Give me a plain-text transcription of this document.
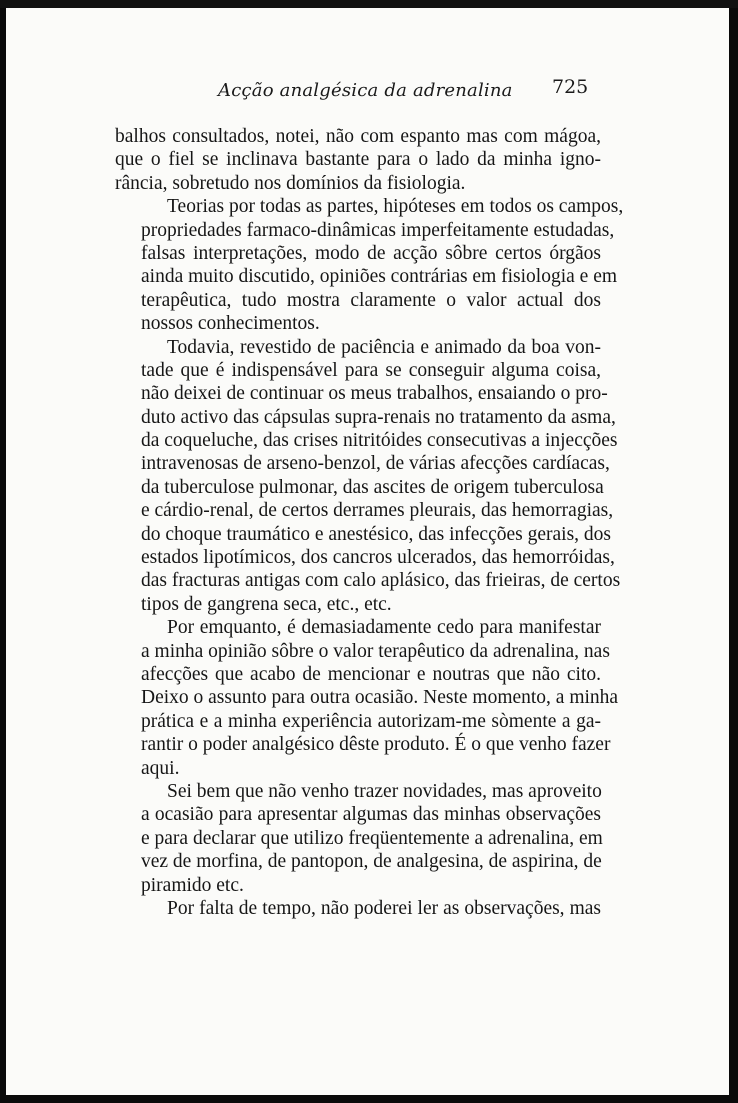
Acção analgésica da adrenalina 725
balhos consultados, notei, não com espanto mas com mágoa,
que o fiel se inclinava bastante para o lado da minha igno-
rância, sobretudo nos domínios da fisiologia.
Teorias por todas as partes, hipóteses em todos os campos,
propriedades farmaco-dinâmicas imperfeitamente estudadas,
falsas interpretações, modo de acção sôbre certos órgãos
ainda muito discutido, opiniões contrárias em fisiologia e em
terapêutica, tudo mostra claramente o valor actual dos
nossos conhecimentos.
Todavia, revestido de paciência e animado da boa von-
tade que é indispensável para se conseguir alguma coisa,
não deixei de continuar os meus trabalhos, ensaiando o pro-
duto activo das cápsulas supra-renais no tratamento da asma,
da coqueluche, das crises nitritóides consecutivas a injecções
intravenosas de arseno-benzol, de várias afecções cardíacas,
da tuberculose pulmonar, das ascites de origem tuberculosa
e cárdio-renal, de certos derrames pleurais, das hemorragias,
do choque traumático e anestésico, das infecções gerais, dos
estados lipotímicos, dos cancros ulcerados, das hemorróidas,
das fracturas antigas com calo aplásico, das frieiras, de certos
tipos de gangrena seca, etc., etc.
Por emquanto, é demasiadamente cedo para manifestar
a minha opinião sôbre o valor terapêutico da adrenalina, nas
afecções que acabo de mencionar e noutras que não cito.
Deixo o assunto para outra ocasião. Neste momento, a minha
prática e a minha experiência autorizam-me sòmente a ga-
rantir o poder analgésico dêste produto. É o que venho fazer
aqui.
Sei bem que não venho trazer novidades, mas aproveito
a ocasião para apresentar algumas das minhas observações
e para declarar que utilizo freqüentemente a adrenalina, em
vez de morfina, de pantopon, de analgesina, de aspirina, de
piramido etc.
Por falta de tempo, não poderei ler as observações, mas
